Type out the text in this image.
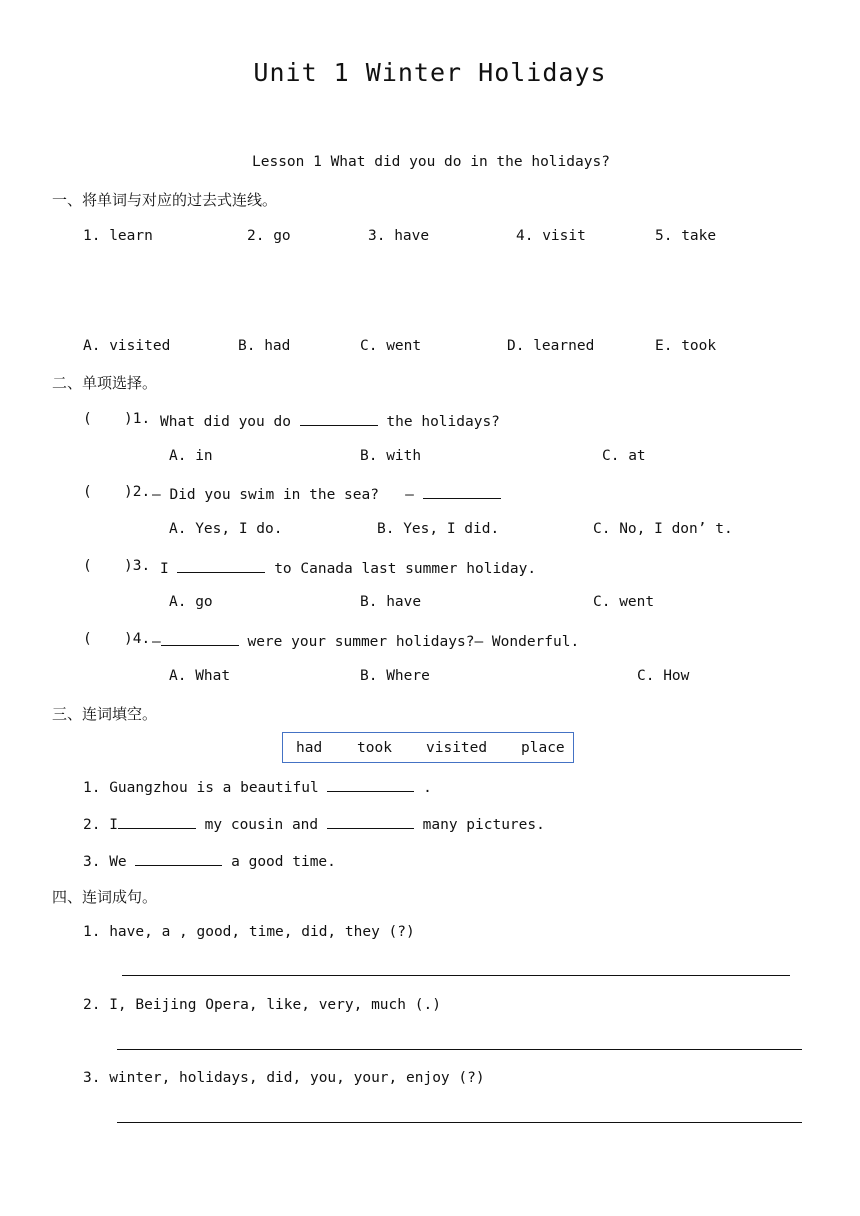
Unit 1 Winter Holidays
Lesson 1 What did you do in the holidays?
一、将单词与对应的过去式连线。
1. learn	2. go	3. have	4. visit	5. take
A. visited	B. had	C. went	D. learned	E. took
二、单项选择。
( )1. What did you do	the holidays?
A. in	B. with	C. at
( )2. — Did you swim in the sea?   —
A. Yes, I do.	B. Yes, I did.	C. No, I don’ t.
( )3. I	to Canada last summer holiday.
A. go	B. have	C. went
( )4. —	were your summer holidays?— Wonderful.
A. What	B. Where	C. How
三、连词填空。
had took visited place
1. Guangzhou is a beautiful	.
2. I	my cousin and	many pictures.
3. We	a good time.
四、连词成句。
1. have, a , good, time, did, they (?)
2. I, Beijing Opera, like, very, much (.)
3. winter, holidays, did, you, your, enjoy (?)
